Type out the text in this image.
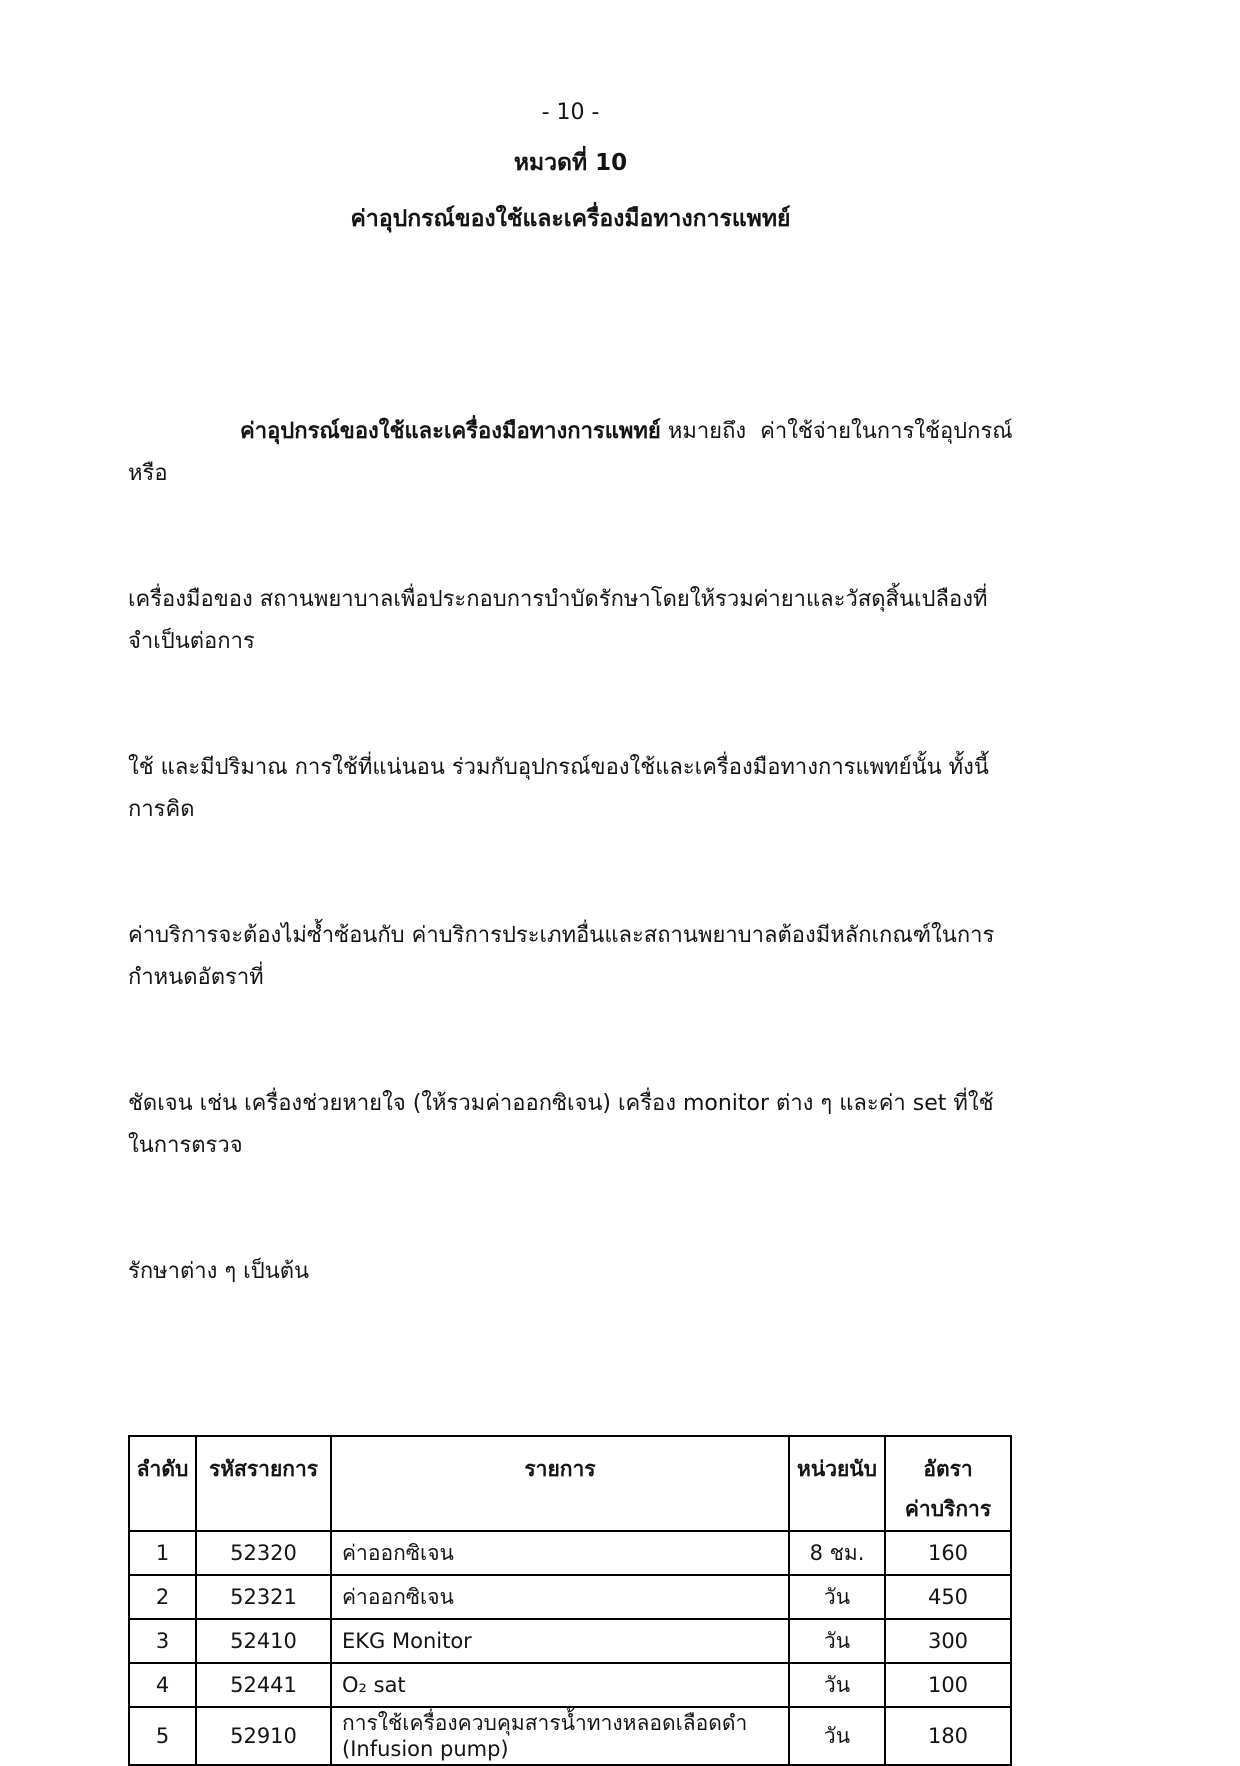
- 10 -
หมวดที่ 10
ค่าอุปกรณ์ของใช้และเครื่องมือทางการแพทย์

ค่าอุปกรณ์ของใช้และเครื่องมือทางการแพทย์ หมายถึง  ค่าใช้จ่ายในการใช้อุปกรณ์หรือ

เครื่องมือของ สถานพยาบาลเพื่อประกอบการบำบัดรักษาโดยให้รวมค่ายาและวัสดุสิ้นเปลืองที่จำเป็นต่อการ

ใช้ และมีปริมาณ การใช้ที่แน่นอน ร่วมกับอุปกรณ์ของใช้และเครื่องมือทางการแพทย์นั้น ทั้งนี้ การคิด

ค่าบริการจะต้องไม่ซ้ำซ้อนกับ ค่าบริการประเภทอื่นและสถานพยาบาลต้องมีหลักเกณฑ์ในการกำหนดอัตราที่

ชัดเจน เช่น เครื่องช่วยหายใจ (ให้รวมค่าออกซิเจน) เครื่อง monitor ต่าง ๆ และค่า set ที่ใช้ในการตรวจ

รักษาต่าง ๆ เป็นต้น

ลำดับ	รหัสรายการ	รายการ	หน่วยนับ	อัตรา
ค่าบริการ

1	52320	ค่าออกซิเจน	8 ชม.	160
2	52321	ค่าออกซิเจน	วัน	450
3	52410	EKG Monitor	วัน	300
4	52441	O₂ sat	วัน	100
5	52910	การใช้เครื่องควบคุมสารน้ำทางหลอดเลือดดำ (Infusion pump)	วัน	180
